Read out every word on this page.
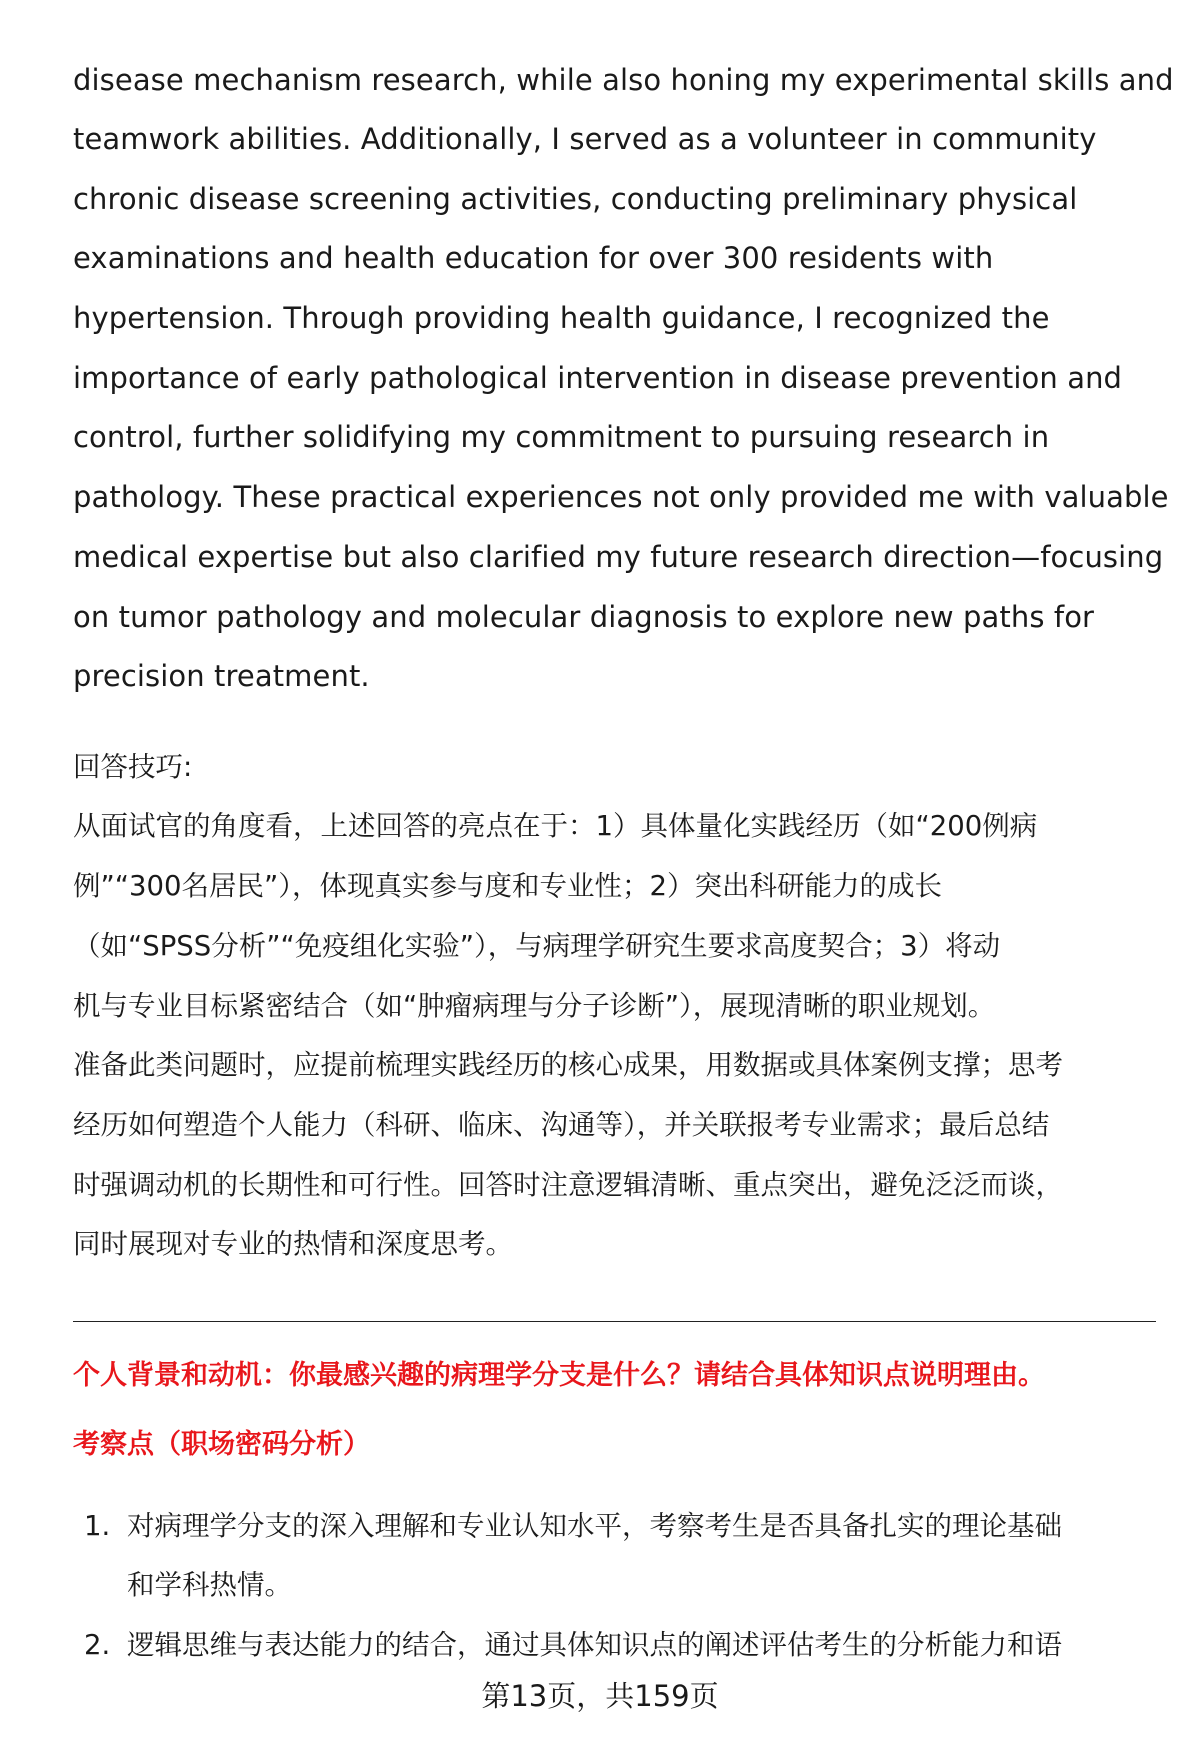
disease mechanism research, while also honing my experimental skills and
teamwork abilities. Additionally, I served as a volunteer in community
chronic disease screening activities, conducting preliminary physical
examinations and health education for over 300 residents with
hypertension. Through providing health guidance, I recognized the
importance of early pathological intervention in disease prevention and
control, further solidifying my commitment to pursuing research in
pathology. These practical experiences not only provided me with valuable
medical expertise but also clarified my future research direction—focusing
on tumor pathology and molecular diagnosis to explore new paths for
precision treatment.
回答技巧:
从面试官的角度看，上述回答的亮点在于：1）具体量化实践经历（如“200例病
例”“300名居民”），体现真实参与度和专业性；2）突出科研能力的成长
（如“SPSS分析”“免疫组化实验”），与病理学研究生要求高度契合；3）将动
机与专业目标紧密结合（如“肿瘤病理与分子诊断”），展现清晰的职业规划。
准备此类问题时，应提前梳理实践经历的核心成果，用数据或具体案例支撑；思考
经历如何塑造个人能力（科研、临床、沟通等），并关联报考专业需求；最后总结
时强调动机的长期性和可行性。回答时注意逻辑清晰、重点突出，避免泛泛而谈，
同时展现对专业的热情和深度思考。
个人背景和动机：你最感兴趣的病理学分支是什么？请结合具体知识点说明理由。
考察点（职场密码分析）
1. 对病理学分支的深入理解和专业认知水平，考察考生是否具备扎实的理论基础
和学科热情。
2. 逻辑思维与表达能力的结合，通过具体知识点的阐述评估考生的分析能力和语
第13页，共159页
